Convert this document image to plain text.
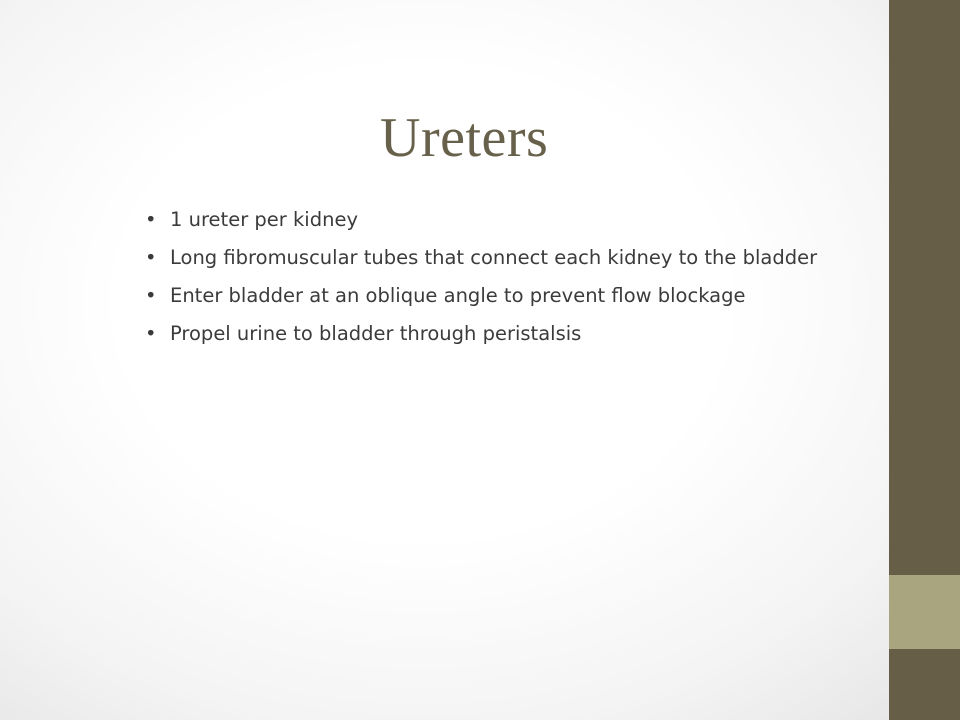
Ureters
• 1 ureter per kidney
• Long fibromuscular tubes that connect each kidney to the bladder
• Enter bladder at an oblique angle to prevent flow blockage
• Propel urine to bladder through peristalsis
